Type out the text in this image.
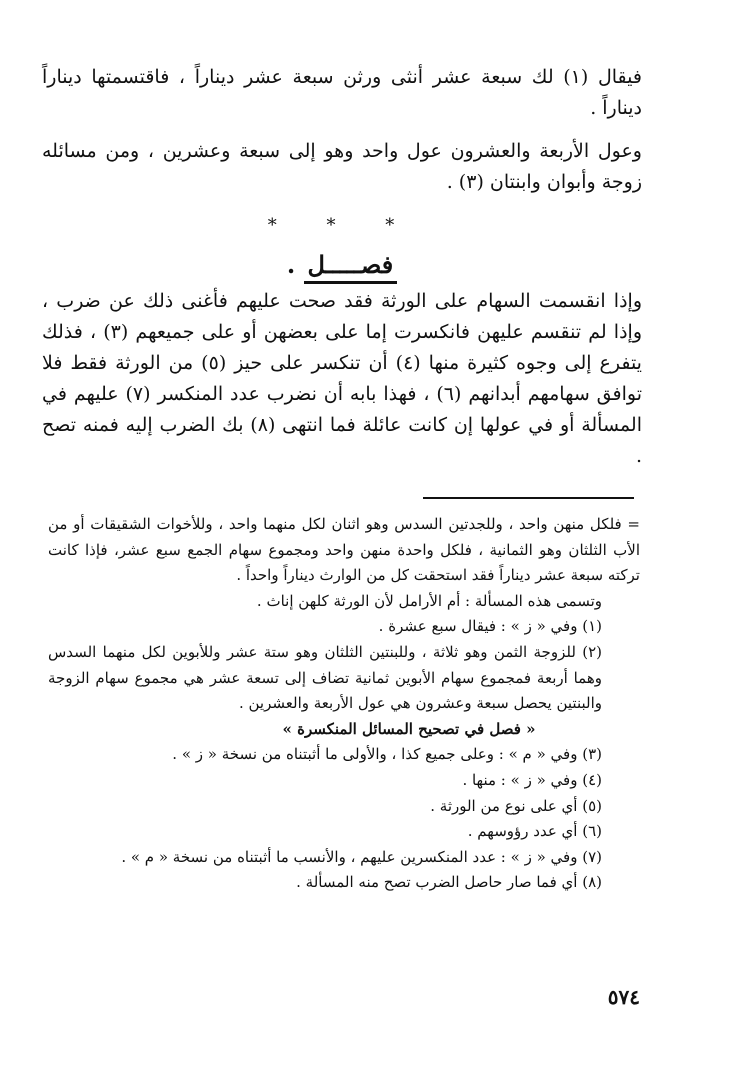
فيقال (١) لك سبعة عشر أنثى ورثن سبعة عشر ديناراً ، فاقتسمتها ديناراً ديناراً .

وعول الأربعة والعشرون عول واحد وهو إلى سبعة وعشرين ، ومن مسائله زوجة وأبوان وابنتان (٣) .

* * *
فصـــــل .

وإذا انقسمت السهام على الورثة فقد صحت عليهم فأغنى ذلك عن ضرب ، وإذا لم تنقسم عليهن فانكسرت إما على بعضهن أو على جميعهم (٣) ، فذلك يتفرع إلى وجوه كثيرة منها (٤) أن تنكسر على حيز (٥) من الورثة فقط فلا توافق سهامهم أبدانهم (٦) ، فهذا بابه أن نضرب عدد المنكسر (٧) عليهم في المسألة أو في عولها إن كانت عائلة فما انتهى (٨) بك الضرب إليه فمنه تصح .

= فلكل منهن واحد ، وللجدتين السدس وهو اثنان لكل منهما واحد ، وللأخوات الشقيقات أو من الأب الثلثان وهو الثمانية ، فلكل واحدة منهن واحد ومجموع سهام الجمع سبع عشر، فإذا كانت تركته سبعة عشر ديناراً فقد استحقت كل من الوارث ديناراً واحداً .

وتسمى هذه المسألة : أم الأرامل لأن الورثة كلهن إناث .

(١) وفي « ز » : فيقال سبع عشرة .

(٢) للزوجة الثمن وهو ثلاثة ، وللبنتين الثلثان وهو ستة عشر وللأبوين لكل منهما السدس وهما أربعة فمجموع سهام الأبوين ثمانية تضاف إلى تسعة عشر هي مجموع سهام الزوجة والبنتين يحصل سبعة وعشرون هي عول الأربعة والعشرين .

« فصل في تصحيح المسائل المنكسرة »

(٣) وفي « م » : وعلى جميع كذا ، والأولى ما أثبتناه من نسخة « ز » .

(٤) وفي « ز » : منها .

(٥) أي على نوع من الورثة .

(٦) أي عدد رؤوسهم .

(٧) وفي « ز » : عدد المنكسرين عليهم ، والأنسب ما أثبتناه من نسخة « م » .

(٨) أي فما صار حاصل الضرب تصح منه المسألة .

٥٧٤
